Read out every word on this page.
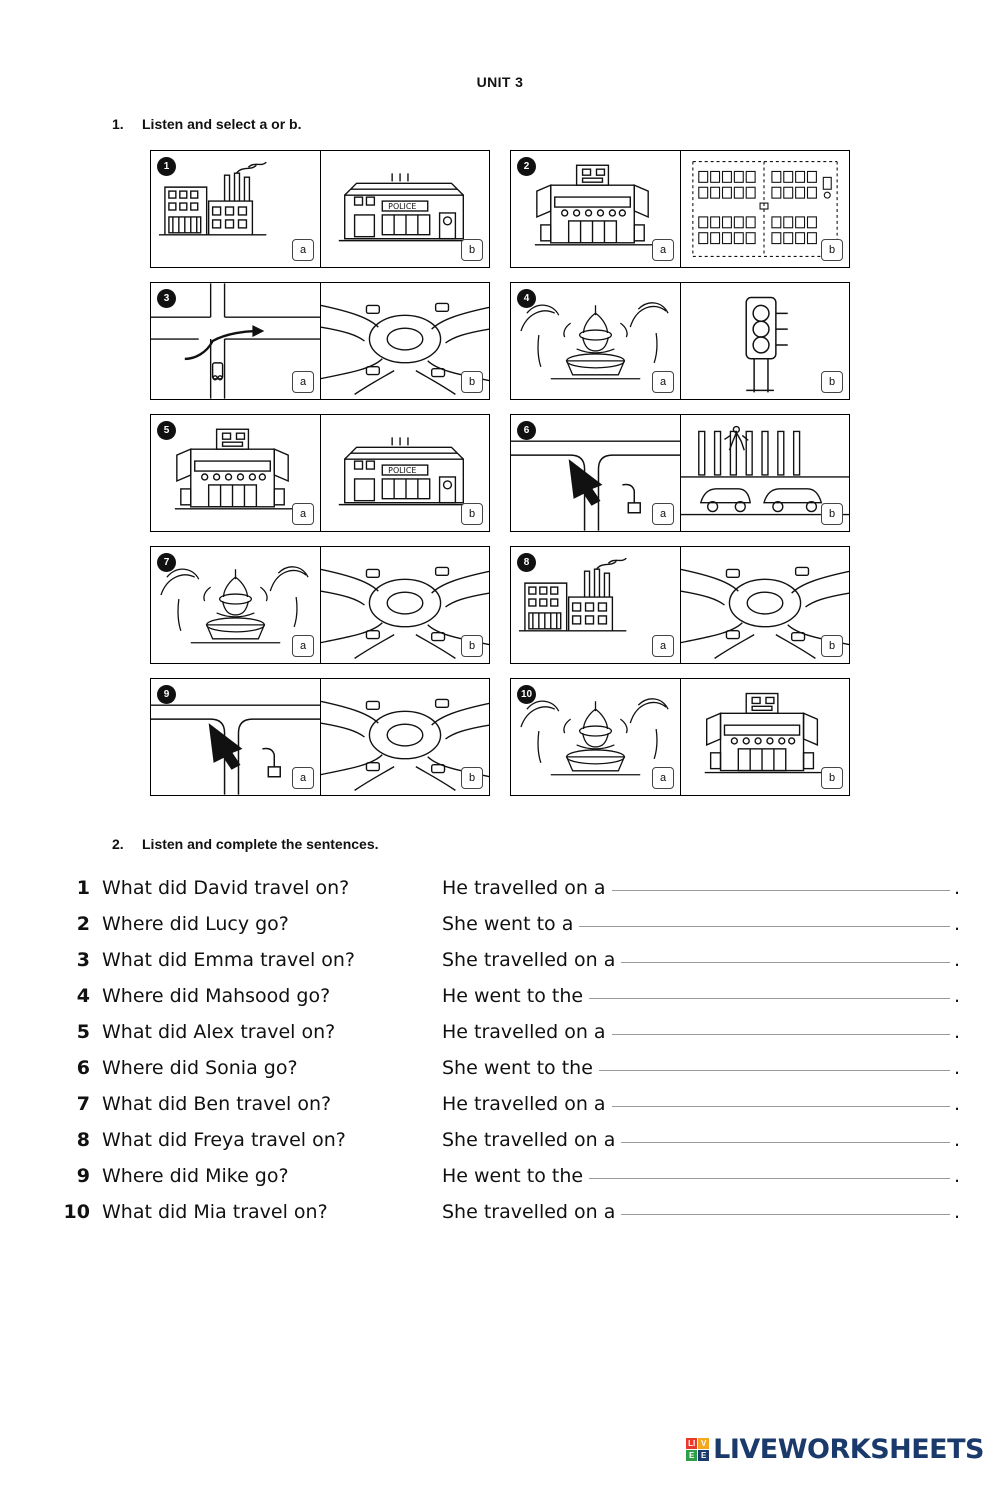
UNIT 3
1.	Listen and select a or b.
1
a
POLICE
b
2
a	b
3
a	b
4
a	b
5
a
POLICE
b
6
a	b
7
a	b
8
a	b
9
a	b
10
a	b
2.	Listen and complete the sentences.
1 What did David travel on?	He travelled on a	.
2 Where did Lucy go?	She went to a	.
3 What did Emma travel on?	She travelled on a	.
4 Where did Mahsood go?	He went to the	.
5 What did Alex travel on?	He travelled on a	.
6 Where did Sonia go?	She went to the	.
7 What did Ben travel on?	He travelled on a	.
8 What did Freya travel on?	She travelled on a	.
9 Where did Mike go?	He went to the	.
10 What did Mia travel on?	She travelled on a	.
LI V
E E LIVEWORKSHEETS
